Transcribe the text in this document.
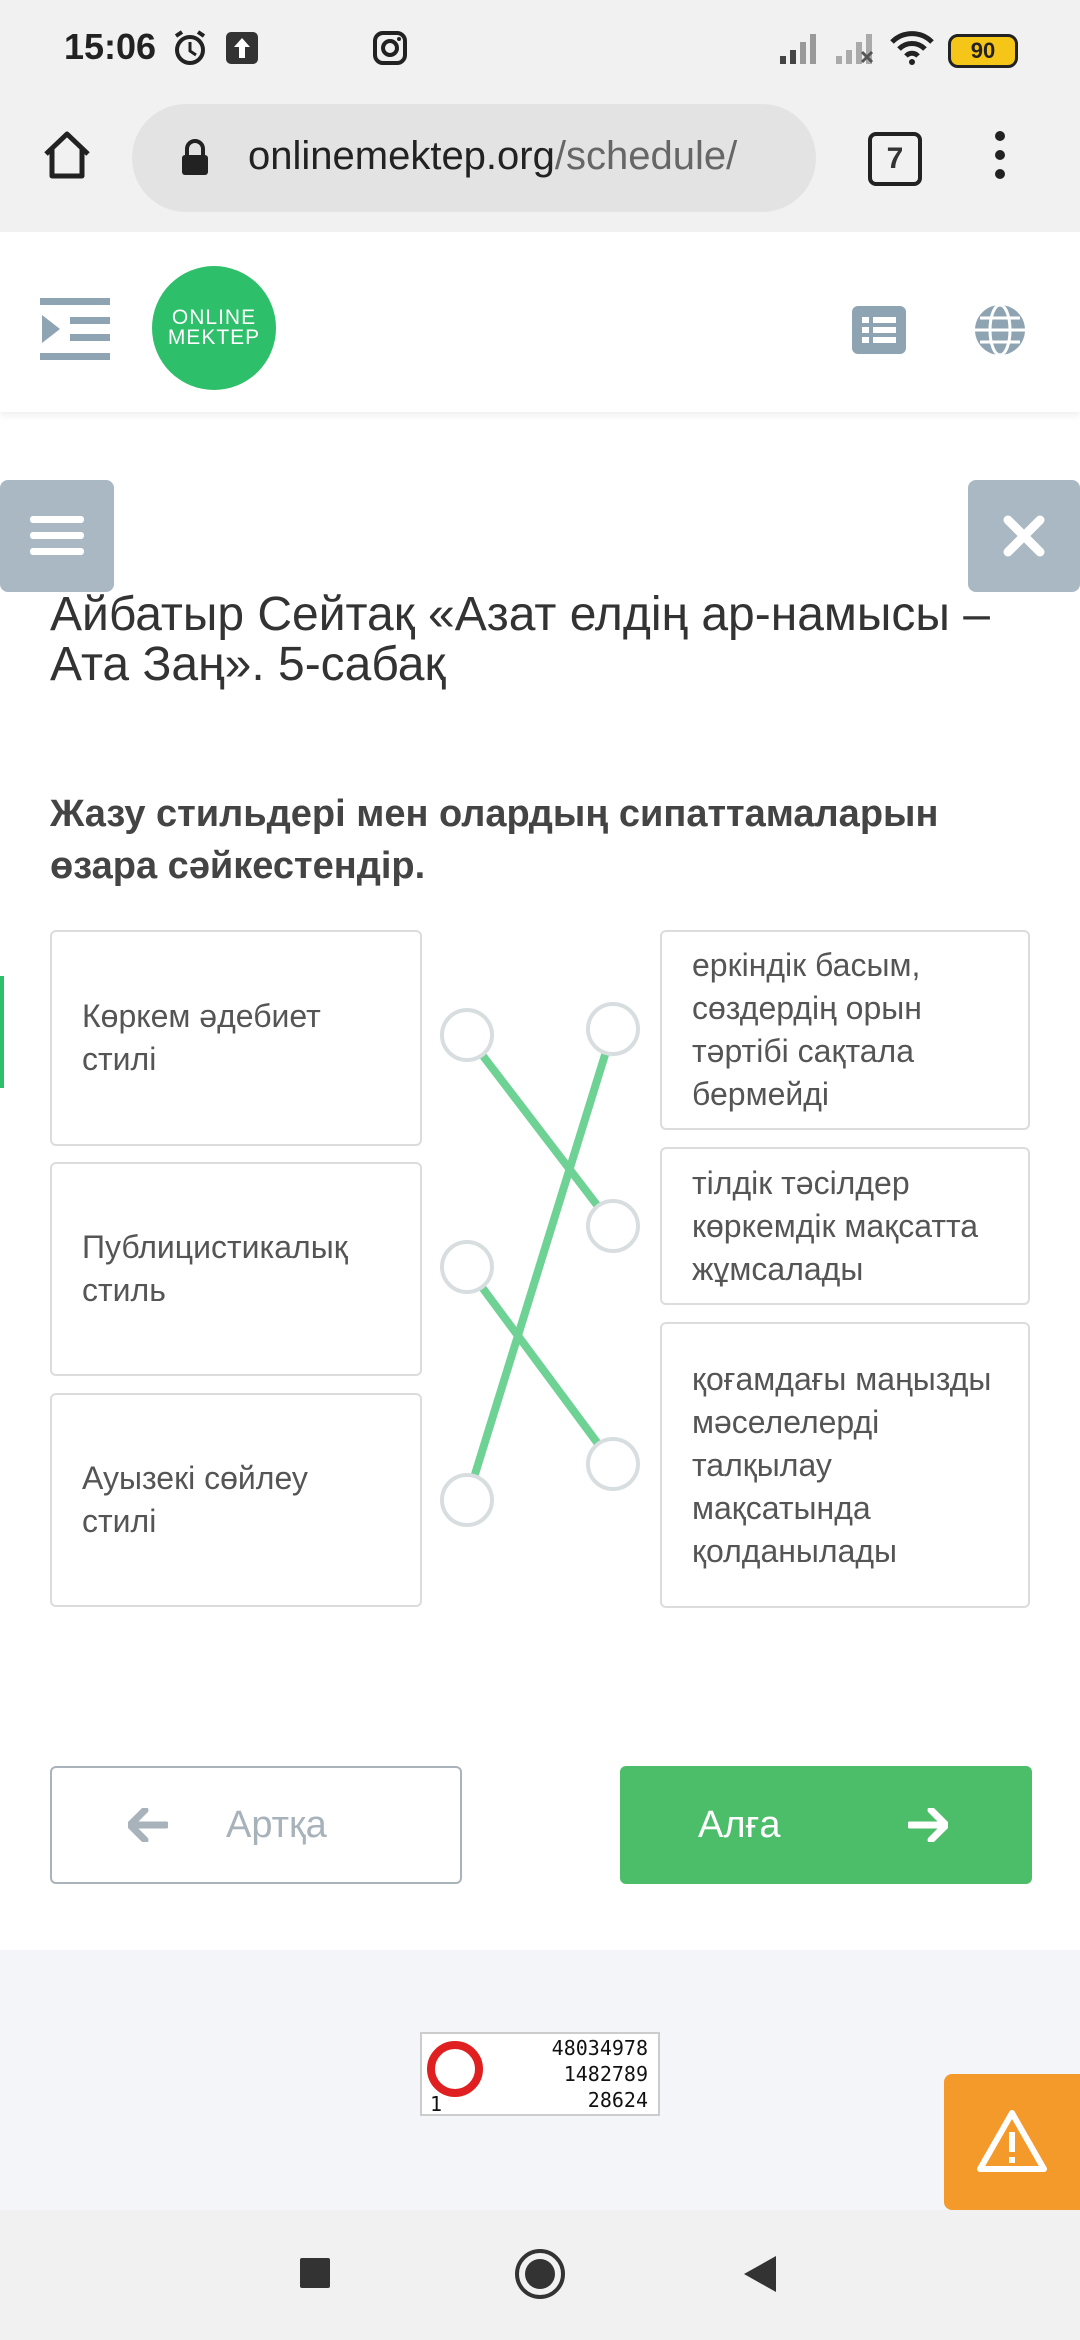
15:06	90
onlinemektep.org/schedule/	7
ONLINE
MEKTEP
Айбатыр Сейтақ «Азат елдің ар-намысы – Ата Заң». 5-сабақ
Жазу стильдері мен олардың сипаттамаларын өзара сәйкестендір.
Көркем әдебиет стилі
Публицистикалық стиль
Ауызекі сөйлеу стилі
еркіндік басым, сөздердің орын тәртібі сақтала бермейді
тілдік тәсілдер көркемдік мақсатта жұмсалады
қоғамдағы маңызды мәселелерді талқылау мақсатында қолданылады
Артқа	Алға
48034978
1482789
28624
1
